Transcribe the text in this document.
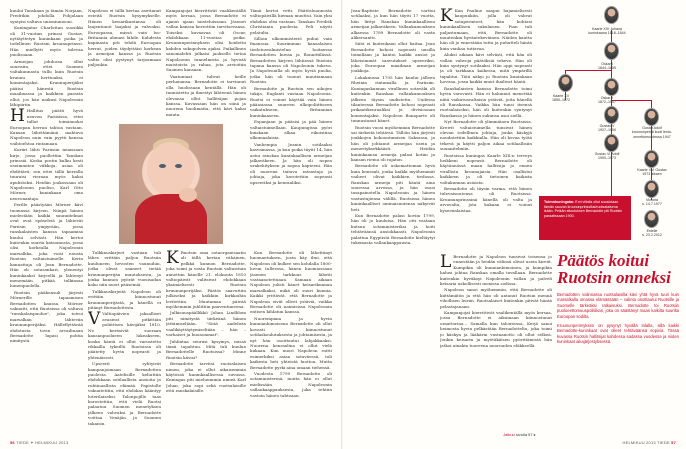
kuului Tanskaan ja tämän Norjaan, Fredrikin johdolla Pohjolaan syntyisi valtava unioniuniooni.

Kuningatar Charlottan suosikki oli 31-vuotias prinssi Gustav, nyttäyttetyn kuninkaan poika ja todellinen Ruotsin kruunuprinssi. Hän miellytti myös tulevaa puolisoaan.

Armeijan johdossa ollut suurisiin, ettei Suomen valtakunnasta tullu kuin Ruotsin kruunu herttuaksi, ei komentajaksi. Kruunuperijäksi päätui hänestä Ruotsin maailmassa ja kaikkien parasta ollut, jos hän naikusi Napoleonin lähipiiriin.

H Hallitus päätti hyvä neuvon Pariisissa, ettei tullut toiminnoksi Euroopan herran tahtoa vastaan. Kansan lähettämänä mahtava Napoleon nuin vain pyytti kanssa vaihtoehtoa rintamaan.

Kuriiri lähti Pariisiin muassaan kirje, jossa puollettiin Tanskan prinssiä. Koska postin kulku kesti useimmiten viikkoja, asiaa oli ehdittävä, sen ettei tällä kerralla tuuraisi vieraan myös kaksi apulistoksi. Heidän joukossaan oli Napoleonin puoliso, Karl Otto Mörner, kuninkaan oma neuvonantaja.

Perille päästyään Mörner kävi tuomassa kirjeen. Niinpä hänen mielestään kaikki suunnitelmat ovat ovat epäselviä ja lähtevät Pariisin ympyrään, jossa ranskalaisten kanssa tapaamisa kuului selvästi. Hän kertoi kuitenkin suurta katsomusta, jossa olisi korkealla Napoleonin marsalkka, joka voisi nousta Ruotsin valtaistuimelle. Kerin kannattaja oli Jean Bernadotte. Hän oli sotasankari, ylenentyi kuninkaaksi kirjeellä ja lähtenyt menemään pitkää tulkinsaa lumenpuolella.

Ruotsin pääkonsuli järjesti Mörnerille tapaamisen Bernadotten kanssa. Mörner vakuutti, että Ruotsissa oli valtava "ranskalaispuolue", joka toivoi marsalkan lähtevän kruununperijäksi. Hälleflyttävää ehdotusta tovin arvailtuaan Bernadotte lupasi pohtia nimitystä.

Napoleon ei tällä kertaa asettanut esteitä Ruotsin kysymykselle. Hänen keisarikuntansa oli laajentunut laajaksi ja vahvaksi. Euroopassa, missä vain Iso-Britannia uhmasi lähde. Kahdesta kapinasta piti tehdä Euroopan herrat, joiden täydyttäisi korkean ja armeijan kanssa ja Ruotsin valtio olisi pystynyt tarjoamaan paljonkin.

Tulkkauskirjeet vastaan tuli lähes erittäin paljon Ruotsiin kuuluneen hevosten vaunuihin, jotka olivat saaneet tietää kruununperijän muutoksesta, ja jonka kunnon pyörät vuosisadan koko niin nuori pääsemiä.

Tulkkauskirjeitä Napoleon oli erittäin kiinnostunut kruununperijästä, ja hänellä ei pitänyt Bernadottesta.

V Valtiopäivien jaksalliset avasivat pitkittäin poliittisen kävijäksi 1810. Ne keräsivät suoraan kansanpuolueen lukeakseen, koska häntä ei ollut varustettu rikkailla tykeillä. Ruotsissa oli päätetty hyvin nopeasti ja yhtenäisesti.

Upseerit ryhtyivät kampanjoimaan Bernadotten puolesta. Aatelisille kehuttiin ehdokkaan sotilaallista ansioita ja ruhtinaallista elämää. Papistolle vakuutettiin, että ehdokas kääntyy luterilaiseksi. Talonpojille taas korostettiin, että vielä Ruotsi palautuu Suomen menetyksen jälkeen vahvaksi ja Bernadotte voittaa Venäjän ja Suomen takaisin.

Kampanjojat kierrittivät vaalikentällä myös kersaa, jossa Bernadotte ei ajanut ajaan taisteluissaan. Jäsenet vallan kanssa kerrottiin tarvitsevansa. Toiseksi kuvaavaa oli Oscar, ehdokkaan 11-vuotias poika. Kruununperinnyksen olisi hoidettu kahden sukupolven ajaksi. Paikallinen sanomalehti julkaisi jaokselle tietoa Napoleonin tunnelmista ja hyvistä muistoista ja rahaa, jota arvioitiin Suomen kansaan.

Vaatuniaat tulivat heille perhanansa. Bernadotte ei tarvinnut olla huolissaan kentällä. Hän oli tunnistettu ja ilmestyi lähteenä hänen olevansa ollut hallitsijan pojan kanssa. Kuvassaan hän on siinä ja nuorena huolimatta, että kävi kaksi muuta.

K Ruotsin oma sotaorganisaatio oli tällä kertaa vähäinen, pelkkä kunnon Bernadotte, joka toimi ja vasta Ruotsin valtaistuin annettiin hänelle 21. elokuuta 1810 valtiopäivät valitsivat ehdokkaan yksimielisesti Ruotsin kruununperijäksi. Päätös saavuttiin julkiseksi ja kaikkiin kirkkoihin levitettiin. Muutamaa päivää myöhemmin juhlittiin paaventuneena.

Julkisuuspäällikkö Johan Lindblom piti nimitystä tärkeänä hänen jättämiseltään. "Siitä aadelista vaalikäyttäytymiseltään – hän – varhaiset ja huonommat".

Juhlintaa seurasi kysymys, missä tämä tapahtuu. Mitä tuli kuulua Bernadottelle Ruotsissa? Minne Ruotsin kävisi?

Bernadotte tarvitsi ruotsalaisen nimen, joka ei ollut aikaisemmin käytössä kuninkaallisessa suvussa. Kuningas piti mieluummin nimeä Karl Johan, joka sopi sekä ruotsalaisille että ranskalaisille.

Tämä kertoi vetti. Päätösluonnosta valtiopäivillä hieman muuttui. Vain yksi ehdokas olisi vastaan. Tanskan Fredrik Christianin puolesta. Peli näytti pelatulta.

Silloin ulkoministeriö puhui vain finanssia. Suurimman kansalaisen tiedotusvalmistelun hoitaessa Bernadotten kuvaa ja Bonnittilässä. Bernadotten kirjeen lähtiessä Ruotsin tapana kanssa oli Napoleonin tukeva. Ja Napoleonilla oli myös hyviä puolia, jotka hän oli tuonut muuttamaan Ruotsin.

Bernadotte ja Ruotsin sen aikojen tukija, Englanti vastaan Napoleonia. Ruotsi ei voinut käyttää vain hänen pääasiassa suureen ulkopoliittiseen vaikutukseen, Britannian kuninkaaseen.

Espanjaan ja pääsisi ja pää hänen valtaistuimellaan. Kaupungissa pyöri kuiskaan alkaa eikoistiisa ulkomaalaisia.

Vanhempia Jeanin sotilaaksi kasvamassa, ja kun poika täytti 14, hän astui ranskan kuninkaallisen armeijan jalkaväkeen. Ja hän oli nopea urakehityksen ja nopea kapteeni. Hän oli nuorena taitava ratsastaja ja johtaja, joka korotettiin nopeasti upseeriksi ja kenraaliksi.

Kun Bernadotte oli lähettänyt huomautuksen, josta käy ilmi, että Napoleon oli kulkee sen kohdalla 1800-luvun tulleessa, hänen huomiossaan jäsenen tarkkuus lähetti vastaanotettuaan. Samaan aikaan Napoleon julisti hänet keisarikunnan marsalkaksi, mikä oli suuri kunnia. Kaikki yrittävät, että Bernadotte ja Napoleon eivät olleet ystäviä, vaikka Bernadotte oli naimisissa Napoleonin entisen kihlatun kanssa.

Nuorempana ja hyvin kunnianhimoisena Bernadotte oli ollut kovasti kiinnostunut sotilaskoulutuksesta ja johtamisesta, ja nyt hän osoittautui lahjakkaaksi. Nuorena kenraalina ei ollut vielä kukaan. Kun nuori Napoleon esitti esimerkiksi asiaa sotaväessä, tuli kaikesta heti yhteistä luottoa. Mutta Bernadotte pyrki aina omaan tiehensä.

Vuodesta 1799 Bernadotte oli sotaministerinä, mutta hän ei ollut mielissään Napoleonin vallankaappauksesta, joka tehtiin vastoin hänen tahtoaan.

56 TIEDE ✦ HELMIKUU 2013

Jean-Baptiste Bernadotte varttui sotilaaksi, ja kun hän täytti 17 vuotta, hän liittyi Ranskan kuninkaallisen armeijan jalkaväkeen. Vallankumouksen alkaessa 1789 Bernadotte oli vasta alikersantti.

Siitä ei kuitenkaan ollut haitaa. Jean Bernadotte kohosi nopeasti uusilla toimillaan ja kantoi kaikki ansiot ja läheisimmät saavutukset upseeriksi, joka Euroopan maailman armeijan joukkoja.

Lokakuussa 1795 hän kuului jälleen Rheinin rintamalla ja Pariisiin. Kuningaskunnan virallinen sotaväki oli kuitenkin Ranskan vallankumouksen jälkeen täysin uudistettu. Uudessa tilanteessa Bernadotte kohosi nopeasti prikaatikenraaliksi ja divisioonan komentajaksi. Napoleon Bonaparte oli tunnustanut hänet.

Ruotsin vuosi myöhemmin Bernadotte sai tärkeitä tehtäviä. Tällöin hän järjesti joukkojen kokoontumisen Saksassa, ja hän oli johtanut armeijaa usein ja menestyksekkäästi. Heidän kuninkaansa armeija palasi kotiin ja kansan riemu oli rajaton.

Bernadotte oli uskomattoman hyvä kuin kenraali, jonka kaikki myöhemmät vaiheet olivat kaikkien tiedossa. Ranskan armeija piti häntä aina suuressa arvossa, ja hän osasi tasapainotella Napoleonin ja hänen vastustajiensa välillä. Ruotsissa hänen kuninkaalliset ominaisuutensa näkyivät heti.

Kun Bernadotte palasi hoviin 1799, hän oli jo kuuluisa. Hän otti vastaan kutsun sotaministeriksi ja hoiti tehtäväänsä ansiokkaasti. Napoleonin palattua Egyptistä Bernadotte kieltäytyi tukemasta vallankaappausta.

K Kun Pauline saapui hajamielisesti kaupunkiin, jolla oli vahvat sotaperinteet, hän kohtasi kuninkaallisen sukulaisen. Pian tuli paljastumaan, että Bernadotte oli muutenkin hyväntekeväinen. Näiden kautta hän oli jo ennestään tuttu ja puhutteli häntä kuin vanhaa tuttavaa.

Aluksi aikaan kävi selvästi, että hän oli vallan vahvoja päätöksiä tekeva. Hän oli kuin syntynyt sotilaaksi. Hän oppi nopeasti ja oli tarkkana kaikessa, mitä ympärillä tapahtui. Tätä näkyi jo Ruotsin kuninkaan hovissa, jossa kaikki muut ihailivat häntä.

Ranskalaisten kanssa Bernadotte toimi hyvin varovasti. Hän ei halunnut menettää niitä vaikutusvaltaisia ystäviä, joita hänellä oli Ranskassa. Vaikka hän tunsi itsensä ruotsalaiseksi, hän oli kuitenkin syntynyt Ranskassa ja hänen sukunsa asui siellä.

Nyt Bernadotte oli ylimmäinen Ruotsissa. Kreivit valtaistuimella tunsivat hänen olevan todellinen johtaja, jonka käskyjä noudatettiin kaikkialla. Hän oli kovaa työtä tekevä ja käytti paljon aikaa sotilaallisiin suunnitelmiin.

Ruotsissa kuningas Kaarle XIII:n terveys heikkeni nopeasti. Bernadotte oli käytännössä maan hallitsija jo ennen virallista kruunajaisia. Hän osallistui kaikkeen ja oli tietoinen kaikista valtakunnan asioista.

Bernadotte oli täysin varma, että hänen tulevaisuutensa oli Ruotsissa. Kruununprinssinä hänellä oli valta ja arvovalta, jota kukaan ei voinut kyseenalaistaa.

L Bernadotte ja Napoleon tunsivat toisensa jo ennestään ja heidän välinsä olivat usein kireät. Kumpikin oli kunnianhimoinen, ja kumpikin halusi johtaa Ranskaa omalla tavallaan. Bernadotte kuitenkin hyväksyi Napoleonin vallan ja palveli keisaria uskollisesti monissa sodissa.

Napoleon sanoi myöhemmin, että Bernadotte oli kiittämätön ja että hän oli antanut Ruotsin mennä vihollisen leiriin. Ruotsalaiset kuitenkin pitivät häntä pelastajanaan.

Kampanjojat kierrittivät vaalikentällä myös kersaa, jossa Bernadotte ei aikuinaan kiinnostunut oraattorina... Samalla kun taloutensa, Kerjä sanoi heimosta hyvin pelkästään Bernadottelta, joka toimi jo käskyn ja lääkärin vastaanotto oli ollut selkeä. Jonkin keisarin ja myötäkäisen pyörittämistä hän jatkoi ainakin tuoreena nuoruuden eläkkeellä.

Kaarle XIV Juhana
kuninkaana 1818–1844
Oskar I
1844–1859
Kaarle XV
1859–1872
Oskar II
1872–1907
Gustav V
1907–1950
Gustav VI Adolf
1950–1973
Gustaf Adolf
kruununperijä kuoli lento-onnettomuudessa 1947
Kaarle XVI Gustav
1973 alkaen
Victoria
s. 14.7.1977
Estelle
s. 23.2.2012
Tulevakuningatar. Emi villolla ollut suosiotaan tämän sauvan kruununprinssiksi/ruotsalaisena ikään. Pelkän sitoutuksen Bernadotte piti Ruotsin paraatissaan 1900.
Päätös koitui Ruotsin onneksi

Bernadotten valinnassa ruotsalaisilla kävi yhtä hyvä tuuri kuin marsalkalla omassa elämässään – valinta osoittautui Ruotsille ja Suomelle tärkeäksi ratkaisuksi. Bernadotte toi Ruotsiin puolueettomuuspolitiikan, joka on säästänyt maan kaikilta suurilta Euroopan sodilta.

Kruununperimyksen on pysynyt hyvällä tolalla, sillä kaikki Bernadotte-kuninkaat ovat olleet tehtäväänsä sopivia. Tässä kuvassa Ruotsin hallitsijat kahdessa sadassa vuodessa ja niiden kuninkaat aikajärjestyksessä.

Jatkuu sivulla 57 ▸
HELMIKUU 2013 TIEDE 57
